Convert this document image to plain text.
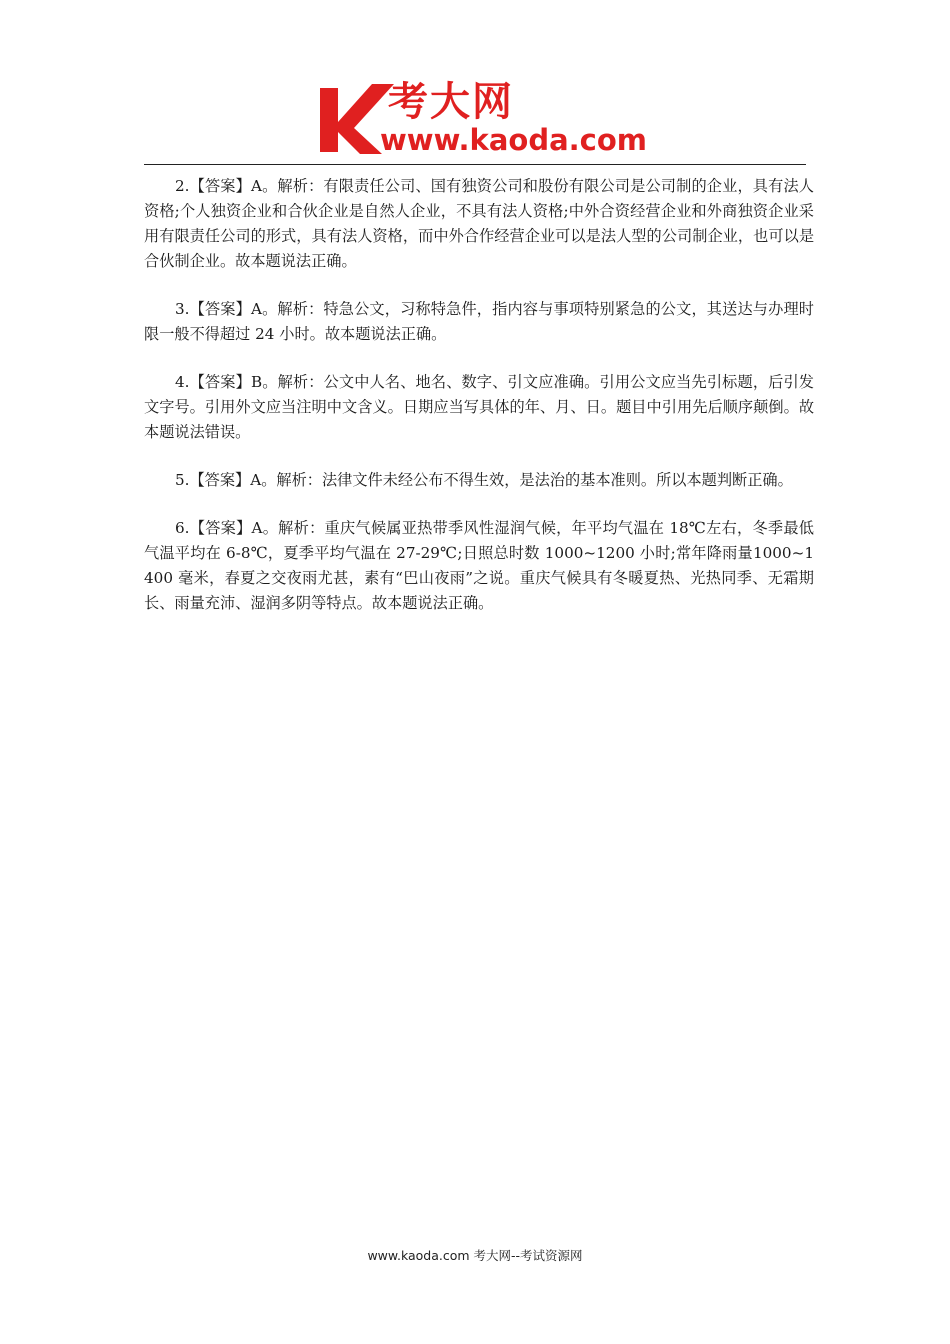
考大网
www.kaoda.com

2.【答案】A。解析：有限责任公司、国有独资公司和股份有限公司是公司制的企业，具有法人资格;个人独资企业和合伙企业是自然人企业，不具有法人资格;中外合资经营企业和外商独资企业采用有限责任公司的形式，具有法人资格，而中外合作经营企业可以是法人型的公司制企业，也可以是合伙制企业。故本题说法正确。

3.【答案】A。解析：特急公文，习称特急件，指内容与事项特别紧急的公文，其送达与办理时限一般不得超过 24 小时。故本题说法正确。

4.【答案】B。解析：公文中人名、地名、数字、引文应准确。引用公文应当先引标题，后引发文字号。引用外文应当注明中文含义。日期应当写具体的年、月、日。题目中引用先后顺序颠倒。故本题说法错误。

5.【答案】A。解析：法律文件未经公布不得生效，是法治的基本准则。所以本题判断正确。

6.【答案】A。解析：重庆气候属亚热带季风性湿润气候，年平均气温在 18℃左右，冬季最低气温平均在 6-8℃，夏季平均气温在 27-29℃;日照总时数 1000~1200 小时;常年降雨量1000~1400 毫米，春夏之交夜雨尤甚，素有“巴山夜雨”之说。重庆气候具有冬暖夏热、光热同季、无霜期长、雨量充沛、湿润多阴等特点。故本题说法正确。

www.kaoda.com 考大网--考试资源网
